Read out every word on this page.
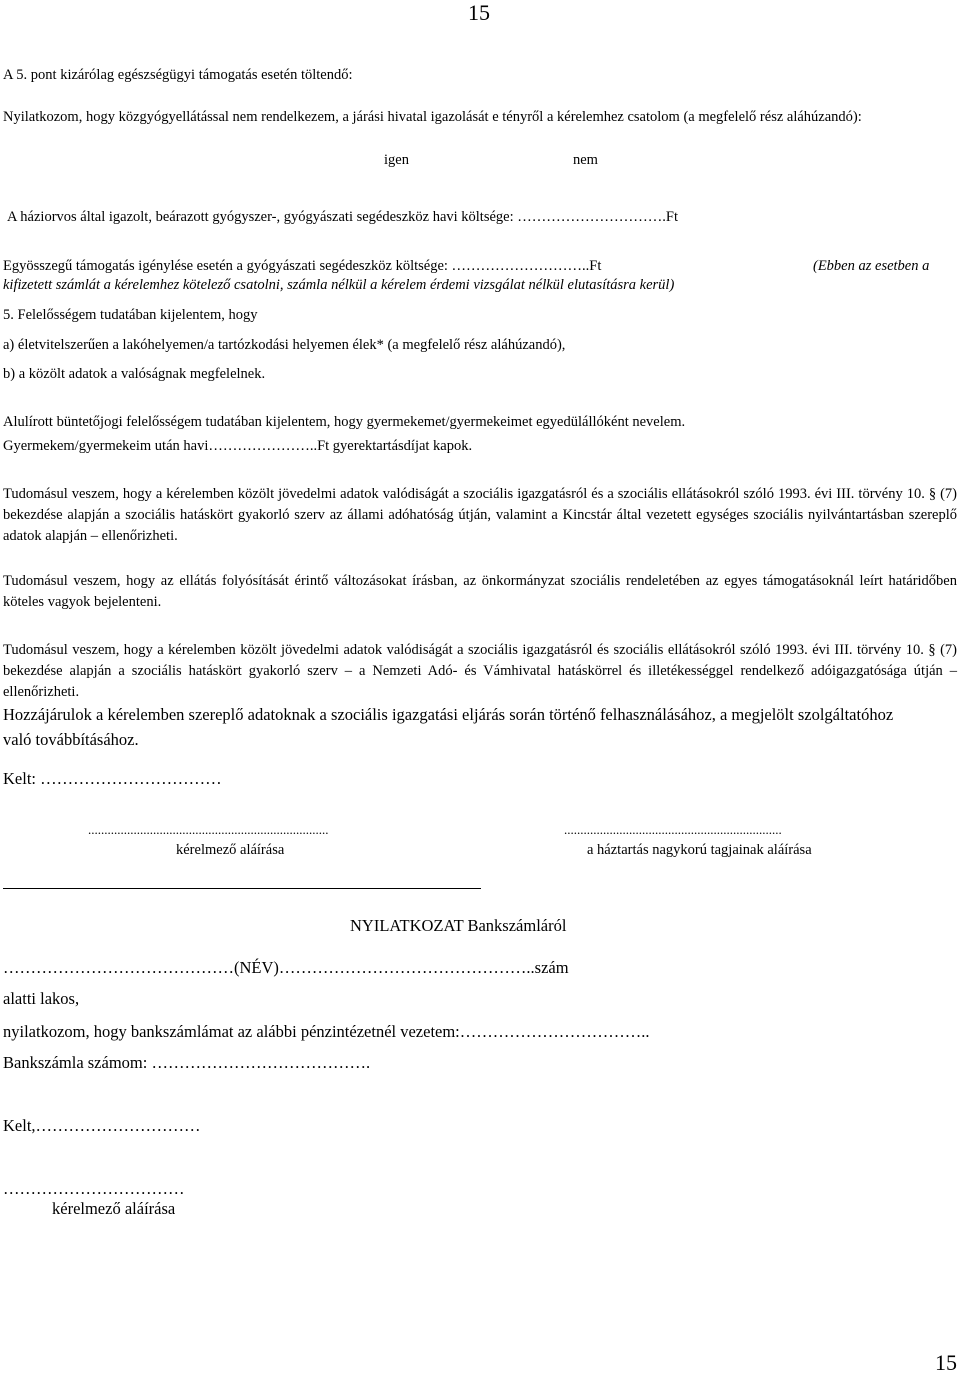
15
A 5. pont kizárólag egészségügyi támogatás esetén töltendő:
Nyilatkozom, hogy közgyógyellátással nem rendelkezem, a járási hivatal igazolását e tényről a kérelemhez csatolom (a megfelelő rész aláhúzandó):
igen	nem
A háziorvos által igazolt, beárazott gyógyszer-, gyógyászati segédeszköz havi költsége: ………………………….Ft
Egyösszegű támogatás igénylése esetén a gyógyászati segédeszköz költsége: ………………………..Ft	(Ebben az esetben a
kifizetett számlát a kérelemhez kötelező csatolni, számla nélkül a kérelem érdemi vizsgálat nélkül elutasításra kerül)
5. Felelősségem tudatában kijelentem, hogy
a) életvitelszerűen a lakóhelyemen/a tartózkodási helyemen élek* (a megfelelő rész aláhúzandó),
b) a közölt adatok a valóságnak megfelelnek.
Alulírott büntetőjogi felelősségem tudatában kijelentem, hogy gyermekemet/gyermekeimet egyedülállóként nevelem.
Gyermekem/gyermekeim után havi…………………..Ft gyerektartásdíjat kapok.
Tudomásul veszem, hogy a kérelemben közölt jövedelmi adatok valódiságát a szociális igazgatásról és a szociális ellátásokról szóló 1993. évi III. törvény 10. § (7) bekezdése alapján a szociális hatáskört gyakorló szerv az állami adóhatóság útján, valamint a Kincstár által vezetett egységes szociális nyilvántartásban szereplő adatok alapján – ellenőrizheti.
Tudomásul veszem, hogy az ellátás folyósítását érintő változásokat írásban, az önkormányzat szociális rendeletében az egyes támogatásoknál leírt határidőben köteles vagyok bejelenteni.
Tudomásul veszem, hogy a kérelemben közölt jövedelmi adatok valódiságát a szociális igazgatásról és szociális ellátásokról szóló 1993. évi III. törvény 10. § (7) bekezdése alapján a szociális hatáskört gyakorló szerv – a Nemzeti Adó- és Vámhivatal hatáskörrel és illetékességgel rendelkező adóigazgatósága útján – ellenőrizheti.
Hozzájárulok a kérelemben szereplő adatoknak a szociális igazgatási eljárás során történő felhasználásához, a megjelölt szolgáltatóhoz való továbbításához.
Kelt: ……………………………
..........................................................................	...................................................................
kérelmező aláírása	a háztartás nagykorú tagjainak aláírása
NYILATKOZAT Bankszámláról
……………………………………(NÉV)………………………………………..szám
alatti lakos,
nyilatkozom, hogy bankszámlámat az alábbi pénzintézetnél vezetem:……………………………..
Bankszámla számom: ………………………………….
Kelt,…………………………
……………………………
kérelmező aláírása
15
